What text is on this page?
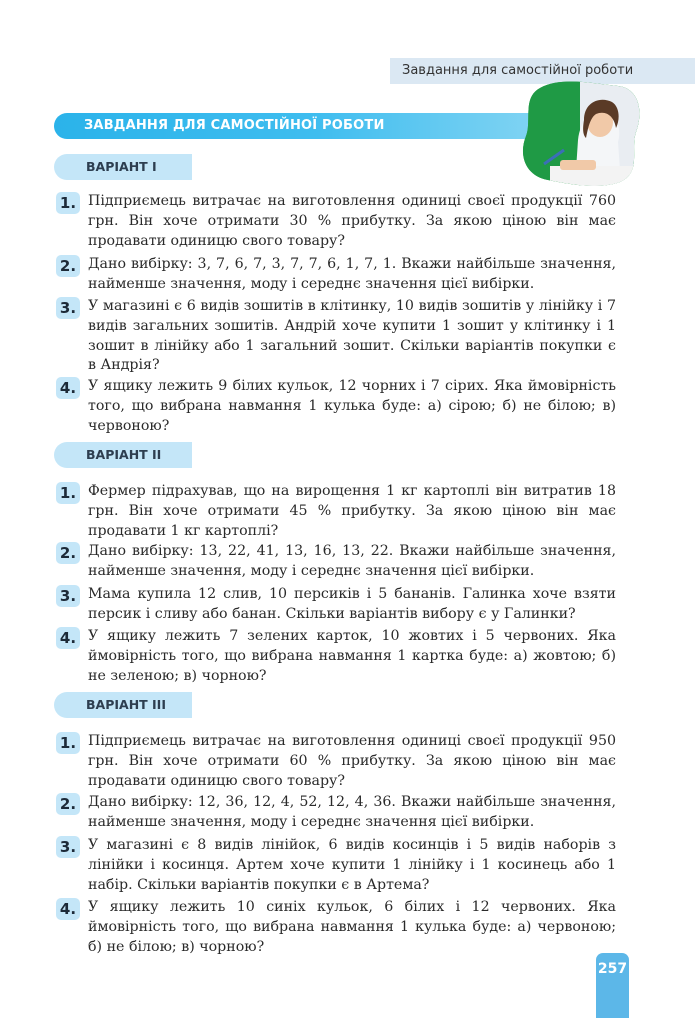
Завдання для самостійної роботи
ЗАВДАННЯ ДЛЯ САМОСТІЙНОЇ РОБОТИ
ВАРІАНТ І
1. Підприємець витрачає на виготовлення одиниці своєї продукції 760 грн. Він хоче отримати 30 % прибутку. За якою ціною він має продавати одиницю свого товару?
2. Дано вибірку: 3, 7, 6, 7, 3, 7, 7, 6, 1, 7, 1. Вкажи найбільше значення, найменше значення, моду і середнє значення цієї вибірки.
3. У магазині є 6 видів зошитів в клітинку, 10 видів зошитів у лінійку і 7 видів загальних зошитів. Андрій хоче купити 1 зошит у клітинку і 1 зошит в лінійку або 1 загальний зошит. Скільки варіантів покупки є в Андрія?
4. У ящику лежить 9 білих кульок, 12 чорних і 7 сірих. Яка ймовірність того, що вибрана навмання 1 кулька буде: а) сірою; б) не білою; в) червоною?
ВАРІАНТ ІІ
1. Фермер підрахував, що на вирощення 1 кг картоплі він витратив 18 грн. Він хоче отримати 45 % прибутку. За якою ціною він має продавати 1 кг картоплі?
2. Дано вибірку: 13, 22, 41, 13, 16, 13, 22. Вкажи найбільше значення, найменше значення, моду і середнє значення цієї вибірки.
3. Мама купила 12 слив, 10 персиків і 5 бананів. Галинка хоче взяти персик і сливу або банан. Скільки варіантів вибору є у Галинки?
4. У ящику лежить 7 зелених карток, 10 жовтих і 5 червоних. Яка ймовірність того, що вибрана навмання 1 картка буде: а) жовтою; б) не зеленою; в) чорною?
ВАРІАНТ ІІІ
1. Підприємець витрачає на виготовлення одиниці своєї продукції 950 грн. Він хоче отримати 60 % прибутку. За якою ціною він має продавати одиницю свого товару?
2. Дано вибірку: 12, 36, 12, 4, 52, 12, 4, 36. Вкажи найбільше значення, найменше значення, моду і середнє значення цієї вибірки.
3. У магазині є 8 видів лінійок, 6 видів косинців і 5 видів наборів з лінійки і косинця. Артем хоче купити 1 лінійку і 1 косинець або 1 набір. Скільки варіантів покупки є в Артема?
4. У ящику лежить 10 синіх кульок, 6 білих і 12 червоних. Яка ймовірність того, що вибрана навмання 1 кулька буде: а) червоною; б) не білою; в) чорною?
257
